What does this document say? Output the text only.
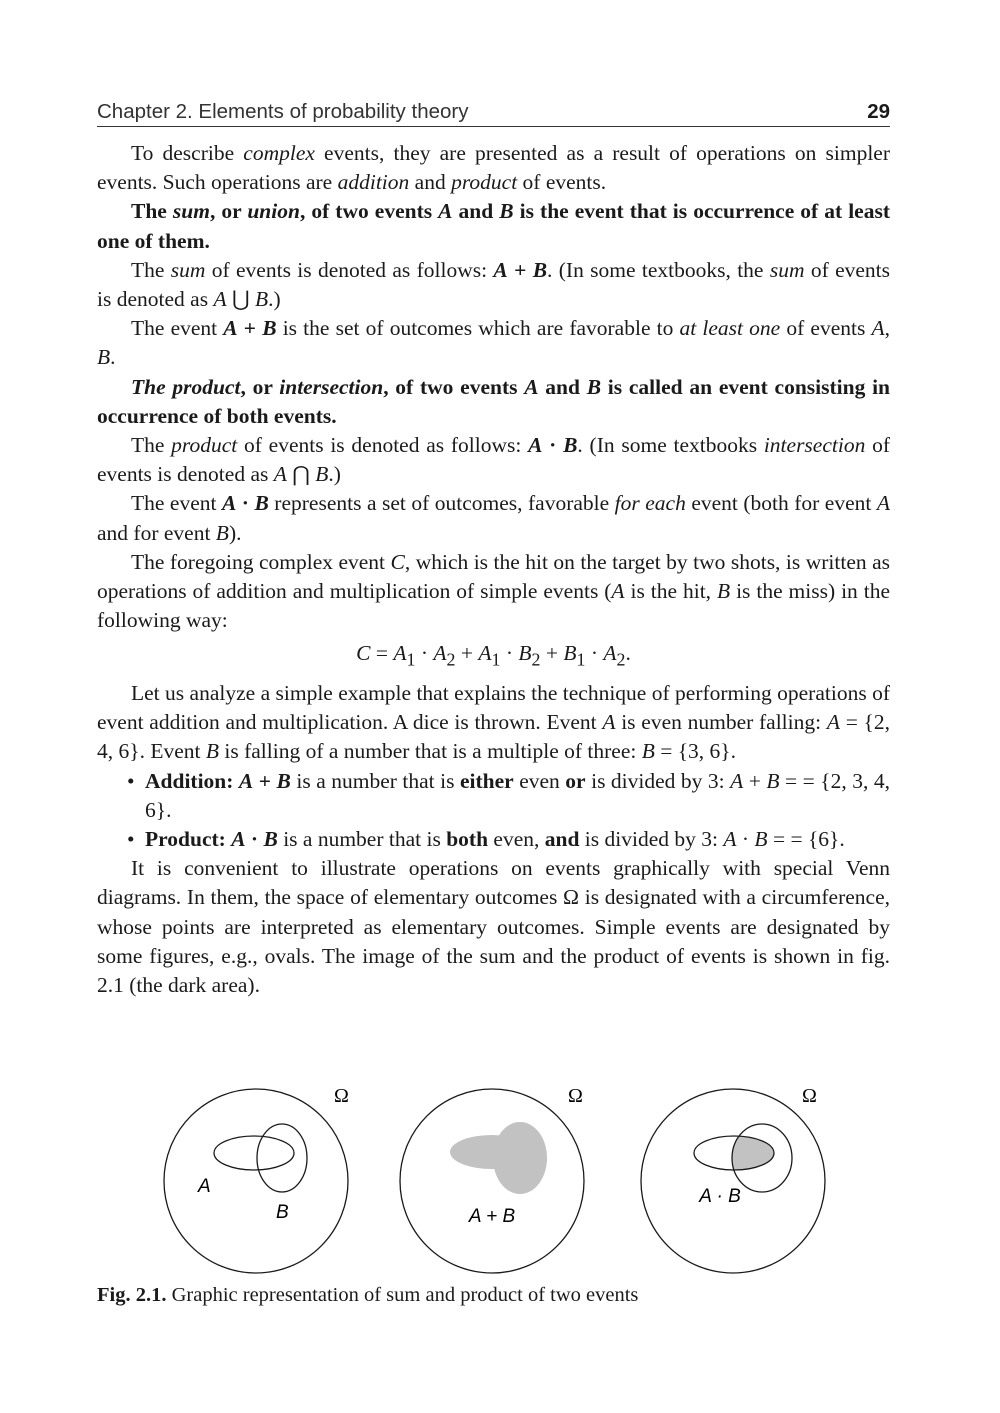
Chapter 2. Elements of probability theory	29

To describe complex events, they are presented as a result of operations on simpler events. Such operations are addition and product of events.

The sum, or union, of two events A and B is the event that is occurrence of at least one of them.

The sum of events is denoted as follows: A + B. (In some textbooks, the sum of events is denoted as A ⋃ B.)

The event A + B is the set of outcomes which are favorable to at least one of events A, B.

The product, or intersection, of two events A and B is called an event consisting in occurrence of both events.

The product of events is denoted as follows: A · B. (In some textbooks intersection of events is denoted as A ⋂ B.)

The event A · B represents a set of outcomes, favorable for each event (both for event A and for event B).

The foregoing complex event C, which is the hit on the target by two shots, is written as operations of addition and multiplication of simple events (A is the hit, B is the miss) in the following way:

$C = A_1 \cdot A_2 + A_1 \cdot B_2 + B_1 \cdot A_2$.

Let us analyze a simple example that explains the technique of performing operations of event addition and multiplication. A dice is thrown. Event A is even number falling: A = {2, 4, 6}. Event B is falling of a number that is a multiple of three: B = {3, 6}.

• Addition: A + B is a number that is either even or is divided by 3: A + B = = {2, 3, 4, 6}.

• Product: A · B is a number that is both even, and is divided by 3: A · B = = {6}.

It is convenient to illustrate operations on events graphically with special Venn diagrams. In them, the space of elementary outcomes Ω is designated with a circumference, whose points are interpreted as elementary outcomes. Simple events are designated by some figures, e.g., ovals. The image of the sum and the product of events is shown in fig. 2.1 (the dark area).

Ω
A
B
Ω
A + B
Ω
A · B
Fig. 2.1. Graphic representation of sum and product of two events
